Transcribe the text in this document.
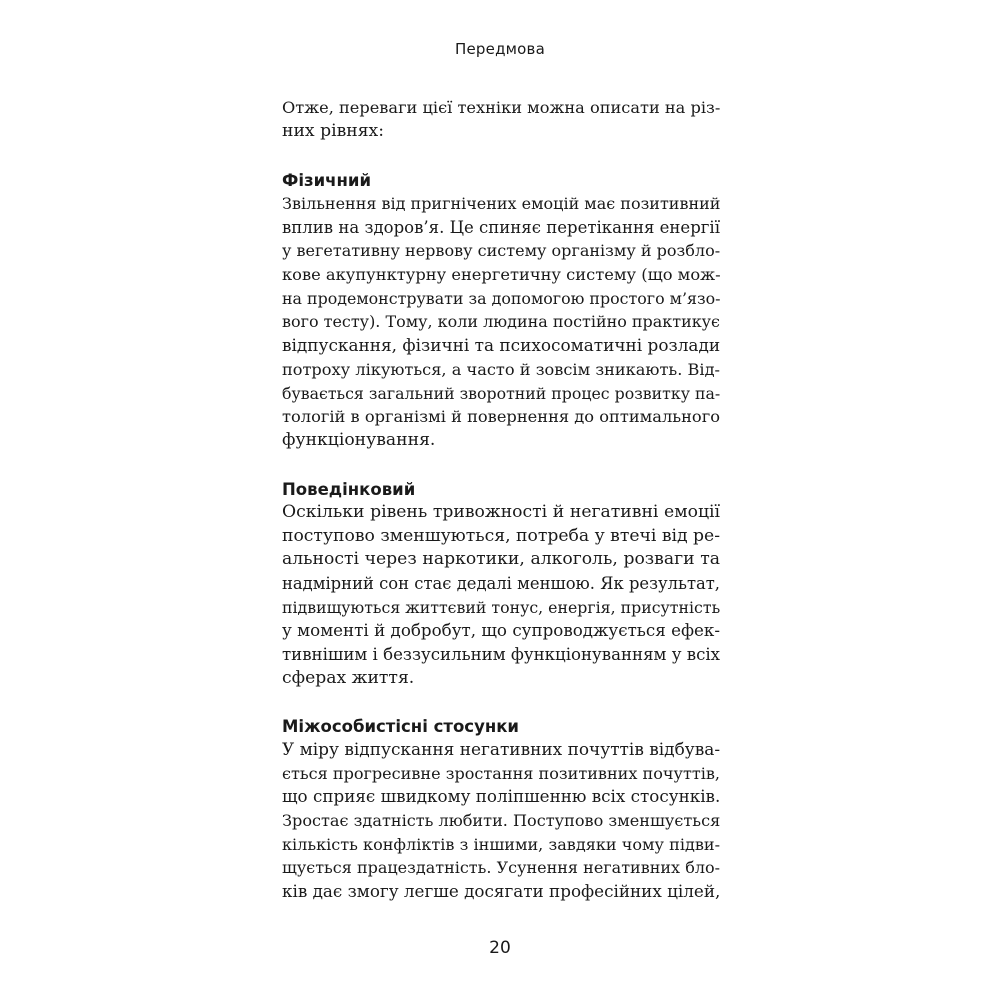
Передмова
Отже, переваги цієї техніки можна описати на різ-
них рівнях:
Фізичний
Звільнення від пригнічених емоцій має позитивний
вплив на здоров’я. Це спиняє перетікання енергії
у вегетативну нервову систему організму й розбло-
кове акупунктурну енергетичну систему (що мож-
на продемонструвати за допомогою простого м’язо-
вого тесту). Тому, коли людина постійно практикує
відпускання, фізичні та психосоматичні розлади
потроху лікуються, а часто й зовсім зникають. Від-
бувається загальний зворотний процес розвитку па-
тологій в організмі й повернення до оптимального
функціонування.
Поведінковий
Оскільки рівень тривожності й негативні емоції
поступово зменшуються, потреба у втечі від ре-
альності через наркотики, алкоголь, розваги та
надмірний сон стає дедалі меншою. Як результат,
підвищуються життєвий тонус, енергія, присутність
у моменті й добробут, що супроводжується ефек-
тивнішим і беззусильним функціонуванням у всіх
сферах життя.
Міжособистісні стосунки
У міру відпускання негативних почуттів відбува-
ється прогресивне зростання позитивних почуттів,
що сприяє швидкому поліпшенню всіх стосунків.
Зростає здатність любити. Поступово зменшується
кількість конфліктів з іншими, завдяки чому підви-
щується працездатність. Усунення негативних бло-
ків дає змогу легше досягати професійних цілей,
20
